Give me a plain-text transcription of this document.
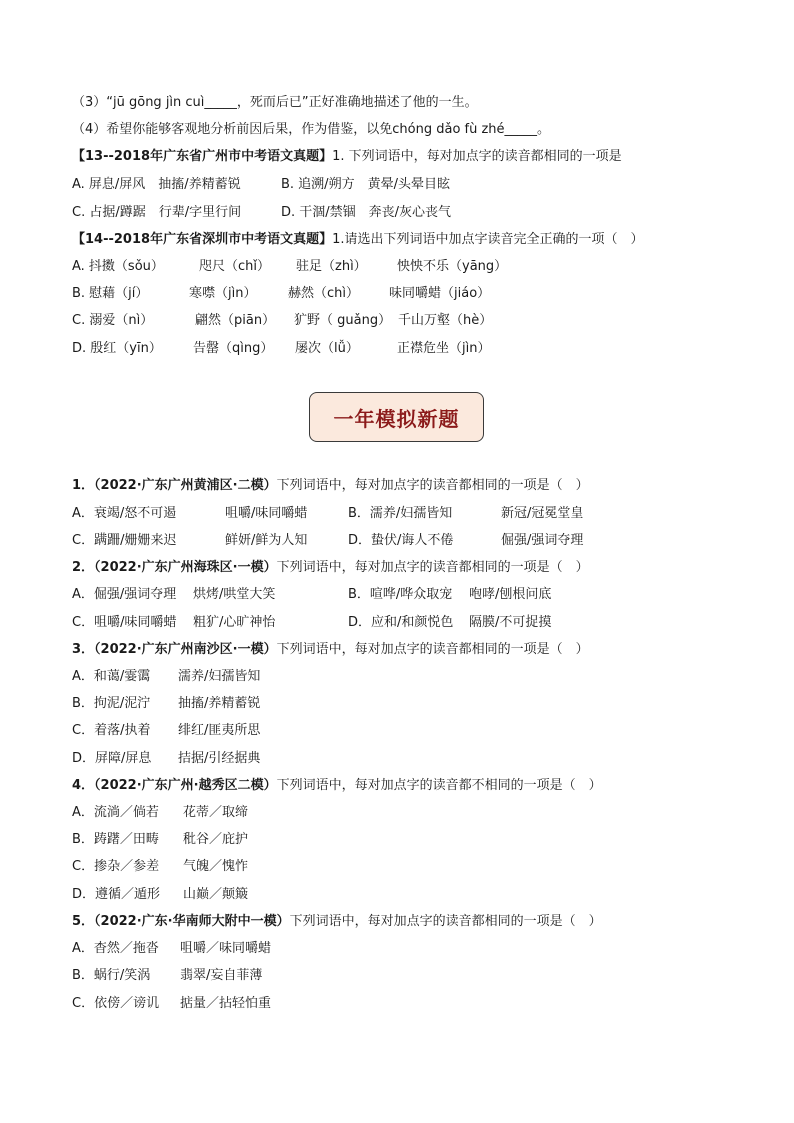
（3）“jū gōng jìn cuì_____，死而后已”正好准确地描述了他的一生。
（4）希望你能够客观地分析前因后果，作为借鉴，以免chóng dǎo fù zhé_____。
【13--2018年广东省广州市中考语文真题】1. 下列词语中，每对加点字的读音都相同的一项是
A. 屏息/屏风　抽搐/养精蓄锐	B. 追溯/朔方　黄晕/头晕目眩
C. 占据/蹲踞　行辈/字里行间	D. 干涸/禁锢　奔丧/灰心丧气
【14--2018年广东省深圳市中考语文真题】1.请选出下列词语中加点字读音完全正确的一项（　）
A. 抖擞（sǒu）	咫尺（chǐ） 驻足（zhì） 怏怏不乐（yāng）
B. 慰藉（jí）	寒噤（jìn） 赫然（chì） 味同嚼蜡（jiáo）
C. 溺爱（nì）	翩然（piān） 犷野（ guǎng） 千山万壑（hè）
D. 殷红（yīn） 告罄（qìng） 屡次（lǚ）	正襟危坐（jìn）
一年模拟新题
1．（2022·广东广州黄浦区·二模）下列词语中，每对加点字的读音都相同的一项是（　）
A．衰竭/怒不可遏	咀嚼/味同嚼蜡	B．濡养/妇孺皆知	新冠/冠冕堂皇
C．蹒跚/姗姗来迟	鲜妍/鲜为人知	D．蛰伏/诲人不倦	倔强/强词夺理
2．（2022·广东广州海珠区·一模）下列词语中，每对加点字的读音都相同的一项是（　）
A．倔强/强词夺理 烘烤/哄堂大笑	B．喧哗/哗众取宠 咆哮/刨根问底
C．咀嚼/味同嚼蜡 粗犷/心旷神怡	D．应和/和颜悦色 隔膜/不可捉摸
3．（2022·广东广州南沙区·一模）下列词语中，每对加点字的读音都相同的一项是（　）
A．和蔼/霎霭 濡养/妇孺皆知
B．拘泥/泥泞 抽搐/养精蓄锐
C．着落/执着 绯红/匪夷所思
D．屏障/屏息 拮据/引经据典
4．（2022·广东广州·越秀区二模）下列词语中，每对加点字的读音都不相同的一项是（　）
A．流淌／倘若 花蒂／取缔
B．踌躇／田畴 秕谷／庇护
C．掺杂／参差 气魄／愧怍
D．遵循／遁形 山巅／颠簸
5．（2022·广东·华南师大附中一模）下列词语中，每对加点字的读音都相同的一项是（　）
A．杳然／拖沓 咀嚼／味同嚼蜡
B．蜗行/笑涡 翡翠/妄自菲薄
C．依傍／谤讥 掂量／拈轻怕重
